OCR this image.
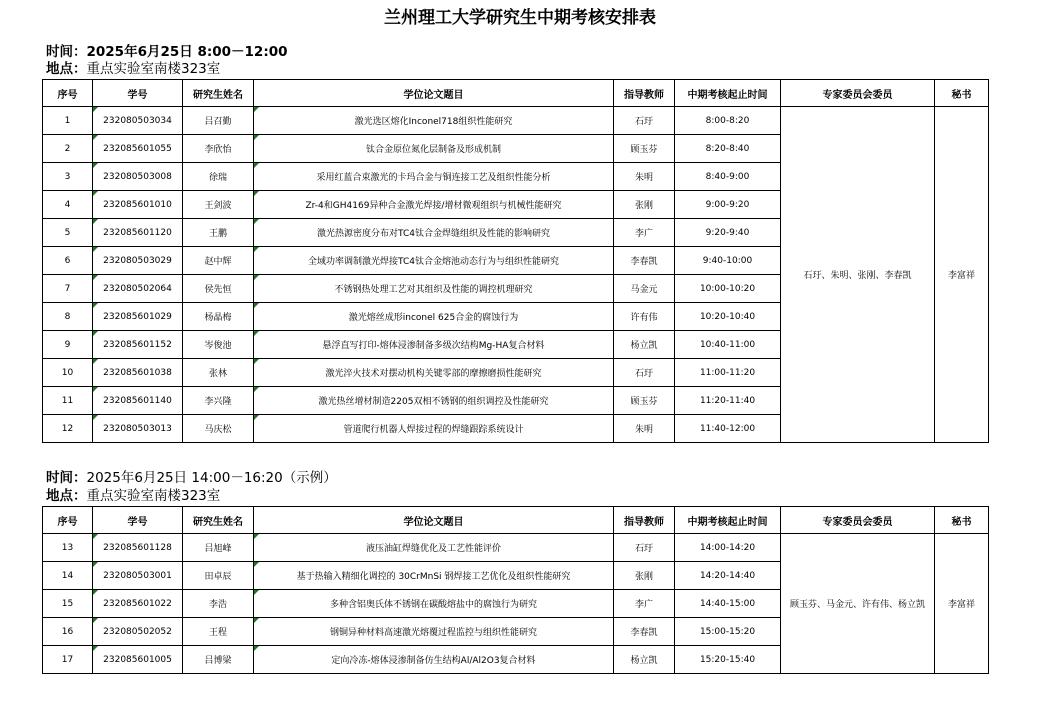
兰州理工大学研究生中期考核安排表
时间：2025年6月25日 8:00－12:00
地点：重点实验室南楼323室
序号	学号	研究生姓名	学位论文题目	指导教师	中期考核起止时间	专家委员会委员	秘书
1	232080503034	吕召勤	激光选区熔化Inconel718组织性能研究	石玗	8:00-8:20	石玗、朱明、张刚、李春凯	李富祥
2	232085601055	李欣怡	钛合金原位氮化层制备及形成机制	顾玉芬	8:20-8:40		
3	232080503008	徐瑞	采用红蓝合束激光的卡玛合金与铜连接工艺及组织性能分析	朱明	8:40-9:00		
4	232085601010	王剑波	Zr-4和GH4169异种合金激光焊接/增材微观组织与机械性能研究	张刚	9:00-9:20		
5	232085601120	王鹏	激光热源密度分布对TC4钛合金焊缝组织及性能的影响研究	李广	9:20-9:40		
6	232080503029	赵中辉	全域功率调制激光焊接TC4钛合金熔池动态行为与组织性能研究	李春凯	9:40-10:00		
7	232080502064	侯先恒	不锈钢热处理工艺对其组织及性能的调控机理研究	马金元	10:00-10:20		
8	232085601029	杨晶梅	激光熔丝成形inconel 625合金的腐蚀行为	许有伟	10:20-10:40		
9	232085601152	岑俊池	悬浮直写打印-熔体浸渗制备多级次结构Mg-HA复合材料	杨立凯	10:40-11:00		
10	232085601038	张林	激光淬火技术对摆动机构关键零部的摩擦磨损性能研究	石玗	11:00-11:20		
11	232085601140	李兴隆	激光热丝增材制造2205双相不锈钢的组织调控及性能研究	顾玉芬	11:20-11:40		
12	232080503013	马庆松	管道爬行机器人焊接过程的焊缝跟踪系统设计	朱明	11:40-12:00		
时间：2025年6月25日 14:00－16:20（示例）
地点：重点实验室南楼323室
序号	学号	研究生姓名	学位论文题目	指导教师	中期考核起止时间	专家委员会委员	秘书
13	232085601128	吕旭峰	液压油缸焊缝优化及工艺性能评价	石玗	14:00-14:20	顾玉芬、马金元、许有伟、杨立凯	李富祥
14	232080503001	田卓辰	基于热输入精细化调控的 30CrMnSi 钢焊接工艺优化及组织性能研究	张刚	14:20-14:40		
15	232085601022	李浩	多种含铝奥氏体不锈钢在碳酸熔盐中的腐蚀行为研究	李广	14:40-15:00		
16	232080502052	王程	钢铜异种材料高速激光熔覆过程监控与组织性能研究	李春凯	15:00-15:20		
17	232085601005	吕博梁	定向冷冻-熔体浸渗制备仿生结构Al/Al2O3复合材料	杨立凯	15:20-15:40		
